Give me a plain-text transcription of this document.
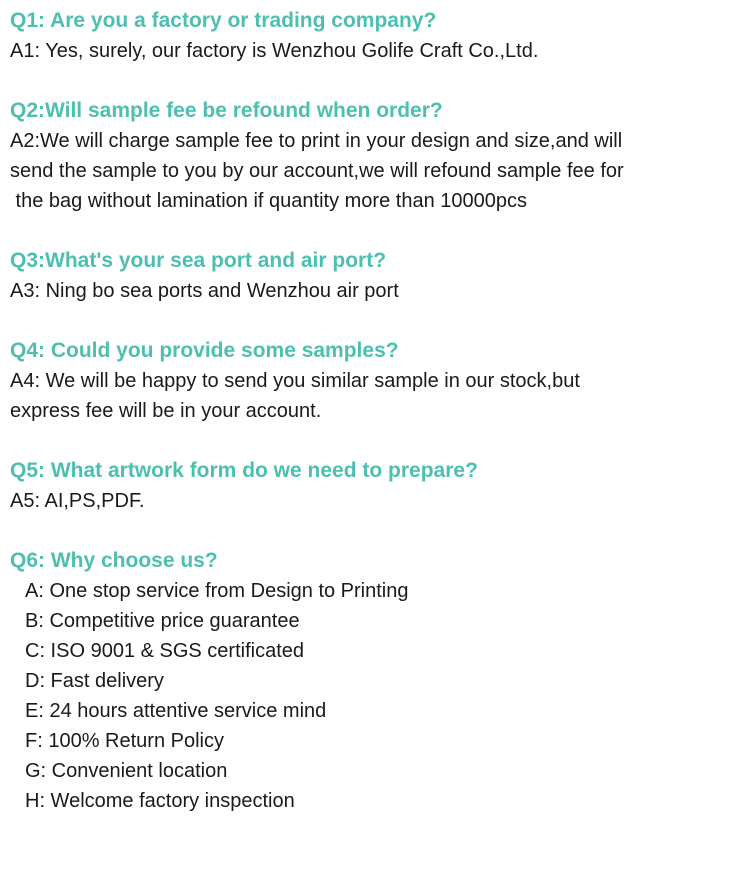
Q1: Are you a factory or trading company?
A1: Yes, surely, our factory is Wenzhou Golife Craft Co.,Ltd.
Q2:Will sample fee be refound when order?
A2:We will charge sample fee to print in your design and size,and will
send the sample to you by our account,we will refound sample fee for
the bag without lamination if quantity more than 10000pcs
Q3:What's your sea port and air port?
A3: Ning bo sea ports and Wenzhou air port
Q4: Could you provide some samples?
A4: We will be happy to send you similar sample in our stock,but
express fee will be in your account.
Q5: What artwork form do we need to prepare?
A5: AI,PS,PDF.
Q6: Why choose us?
A: One stop service from Design to Printing
B: Competitive price guarantee
C: ISO 9001 & SGS certificated
D: Fast delivery
E: 24 hours attentive service mind
F: 100% Return Policy
G: Convenient location
H: Welcome factory inspection
